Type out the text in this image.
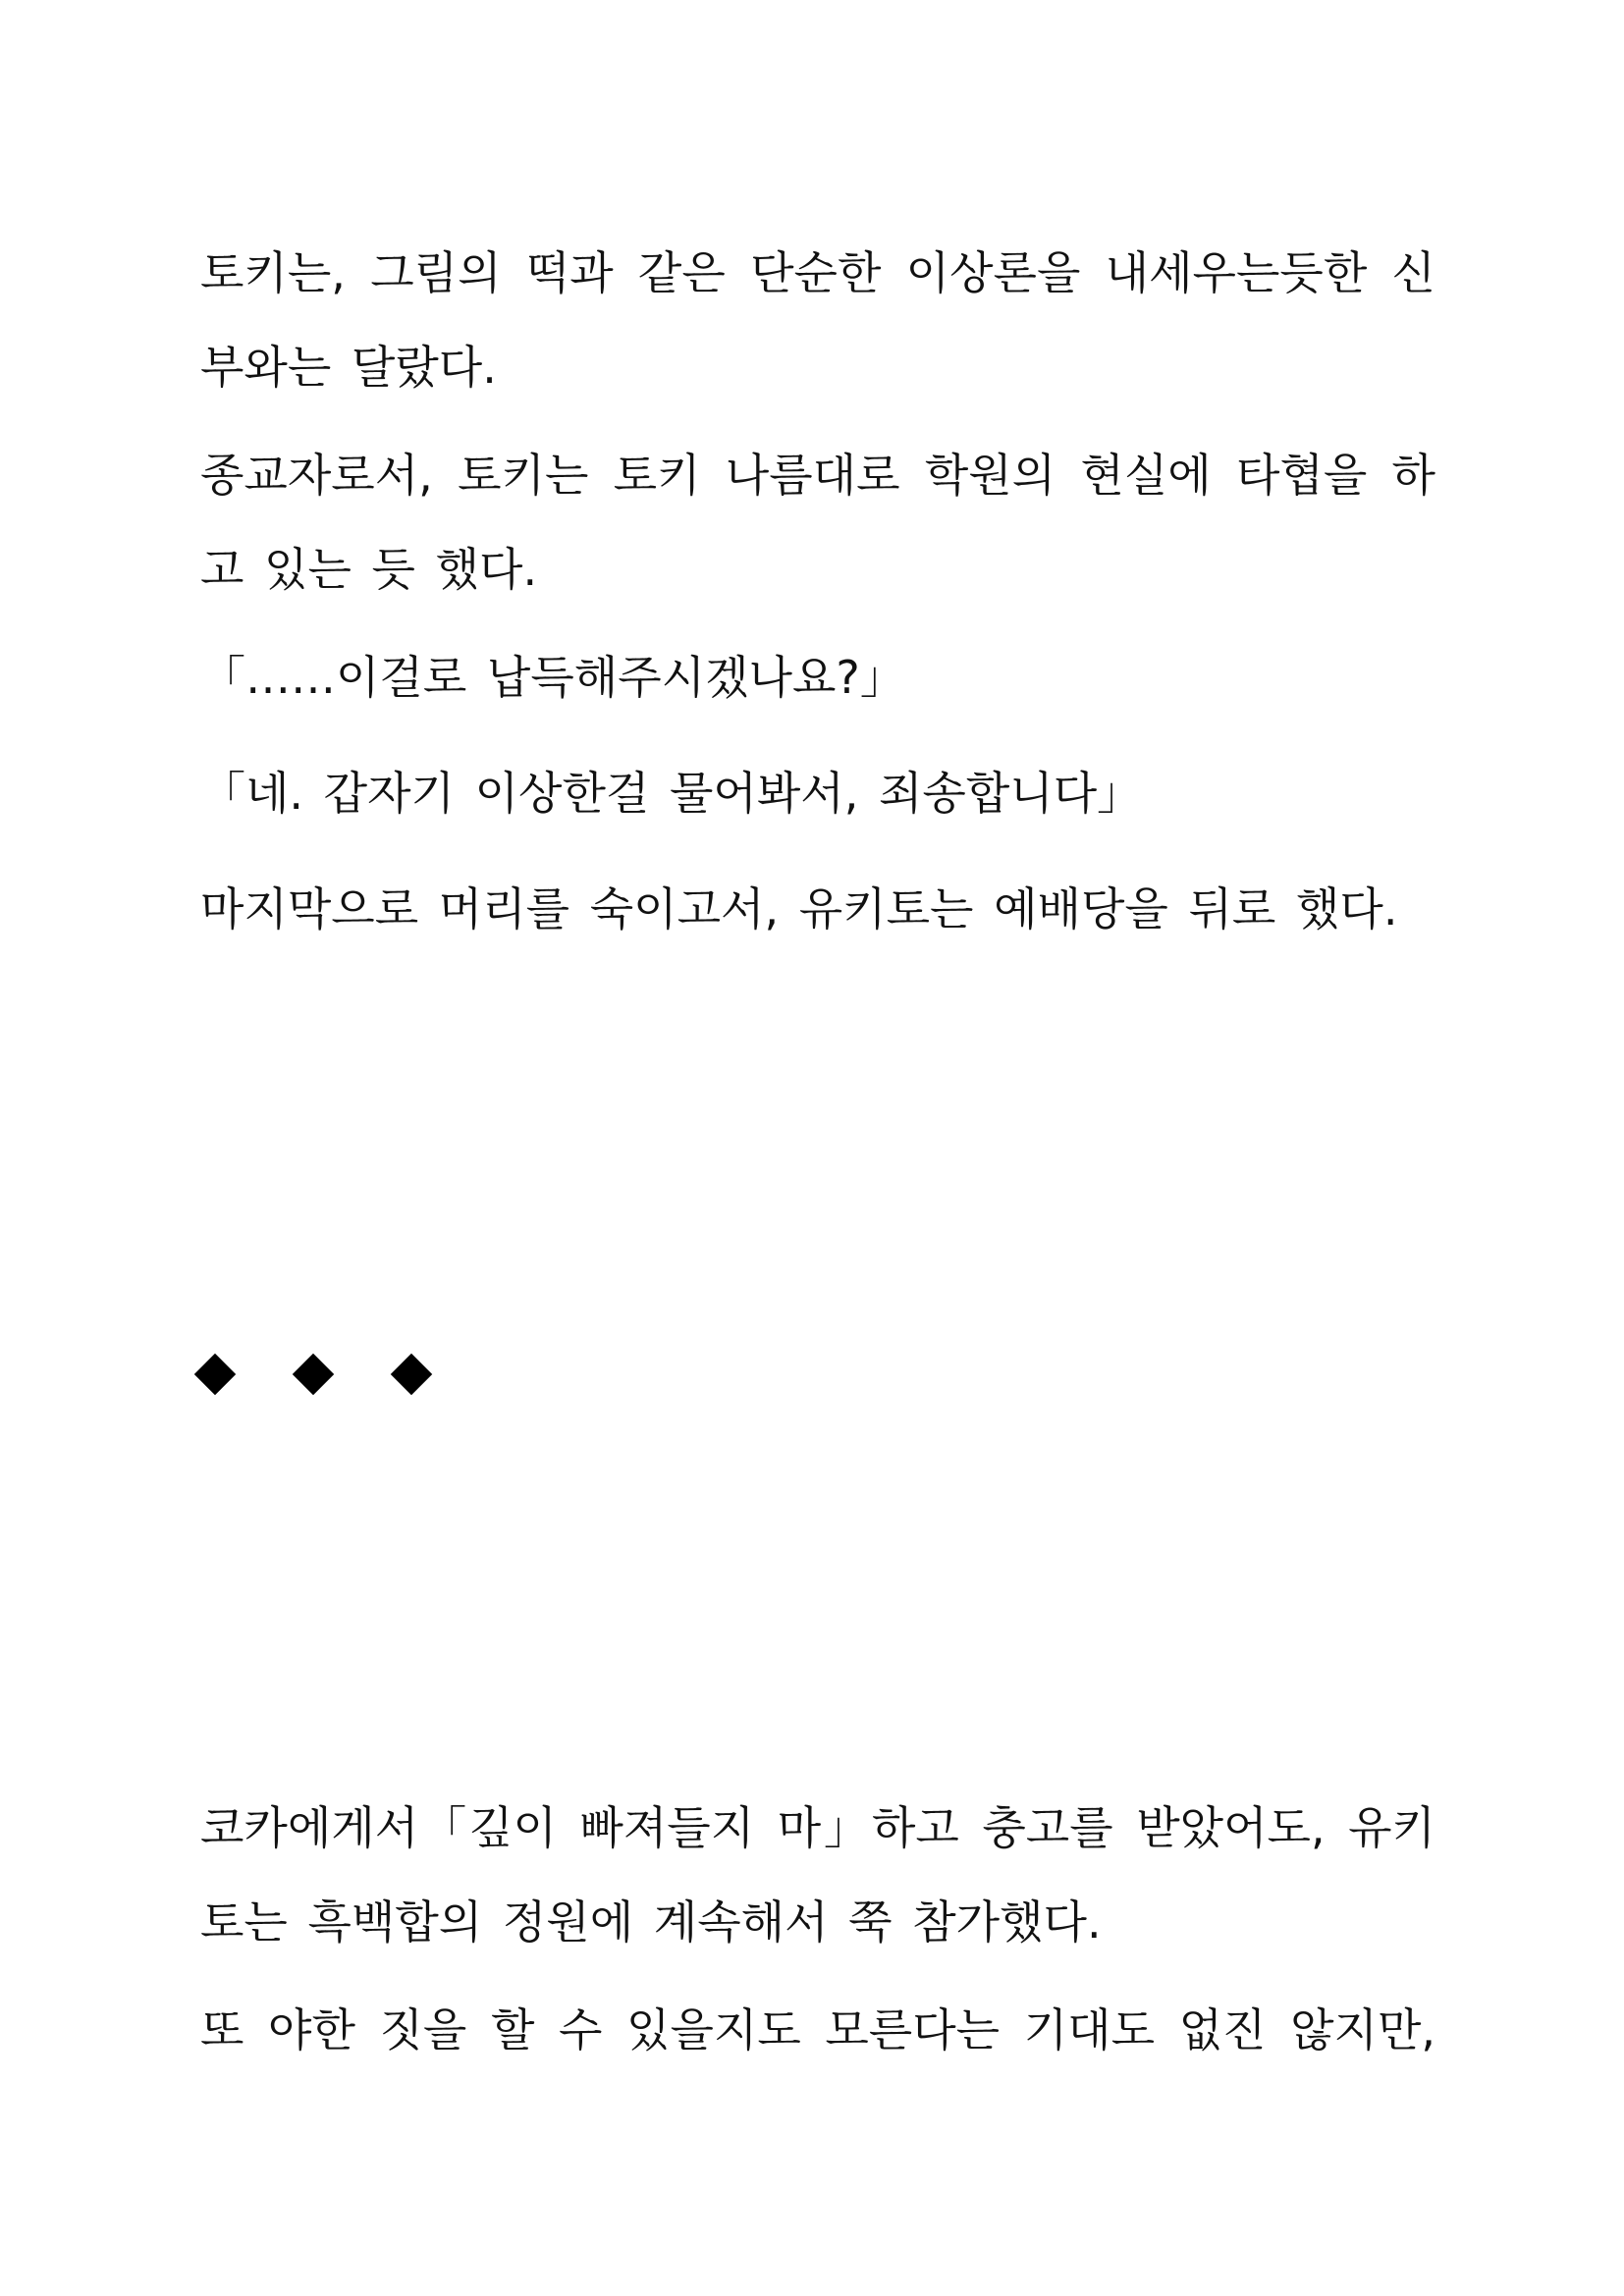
토키는, 그림의 떡과 같은 단순한 이상론을 내세우는듯한 신
부와는 달랐다.

종교자로서, 토키는 토키 나름대로 학원의 현실에 타협을 하
고 있는 듯 했다.

「……이걸로 납득해주시겠나요?」

「네. 갑자기 이상한걸 물어봐서, 죄송합니다」

마지막으로 머리를 숙이고서, 유키토는 예배당을 뒤로 했다.

코카에게서「깊이 빠져들지 마」하고 충고를 받았어도, 유키
토는 흑백합의 정원에 계속해서 쭉 참가했다.

또 야한 짓을 할 수 있을지도 모른다는 기대도 없진 않지만,
